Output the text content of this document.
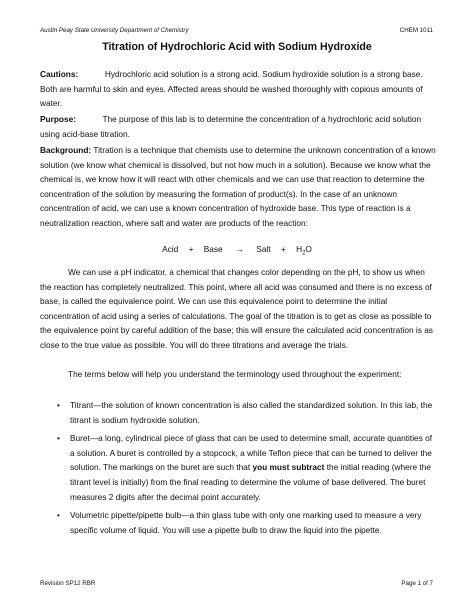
Austin Peay State University Department of Chemistry	CHEM 1011
Titration of Hydrochloric Acid with Sodium Hydroxide
Cautions:	Hydrochloric acid solution is a strong acid. Sodium hydroxide solution is a strong base. Both are harmful to skin and eyes. Affected areas should be washed thoroughly with copious amounts of water.
Purpose:	The purpose of this lab is to determine the concentration of a hydrochloric acid solution using acid-base titration.
Background: Titration is a technique that chemists use to determine the unknown concentration of a known solution (we know what chemical is dissolved, but not how much in a solution). Because we know what the chemical is, we know how it will react with other chemicals and we can use that reaction to determine the concentration of the solution by measuring the formation of product(s). In the case of an unknown concentration of acid, we can use a known concentration of hydroxide base. This type of reaction is a neutralization reaction, where salt and water are products of the reaction:
Acid + Base → Salt + $H_2O$
We can use a pH indicator, a chemical that changes color depending on the pH, to show us when the reaction has completely neutralized. This point, where all acid was consumed and there is no excess of base, is called the equivalence point. We can use this equivalence point to determine the initial concentration of acid using a series of calculations. The goal of the titration is to get as close as possible to the equivalence point by careful addition of the base; this will ensure the calculated acid concentration is as close to the true value as possible. You will do three titrations and average the trials.
The terms below will help you understand the terminology used throughout the experiment:
• Titrant—the solution of known concentration is also called the standardized solution. In this lab, the titrant is sodium hydroxide solution.
• Buret—a long, cylindrical piece of glass that can be used to determine small, accurate quantities of a solution. A buret is controlled by a stopcock, a white Teflon piece that can be turned to deliver the solution. The markings on the buret are such that you must subtract the initial reading (where the titrant level is initially) from the final reading to determine the volume of base delivered. The buret measures 2 digits after the decimal point accurately.
• Volumetric pipette/pipette bulb—a thin glass tube with only one marking used to measure a very specific volume of liquid. You will use a pipette bulb to draw the liquid into the pipette.
Revision SP12 RBR	Page 1 of 7
